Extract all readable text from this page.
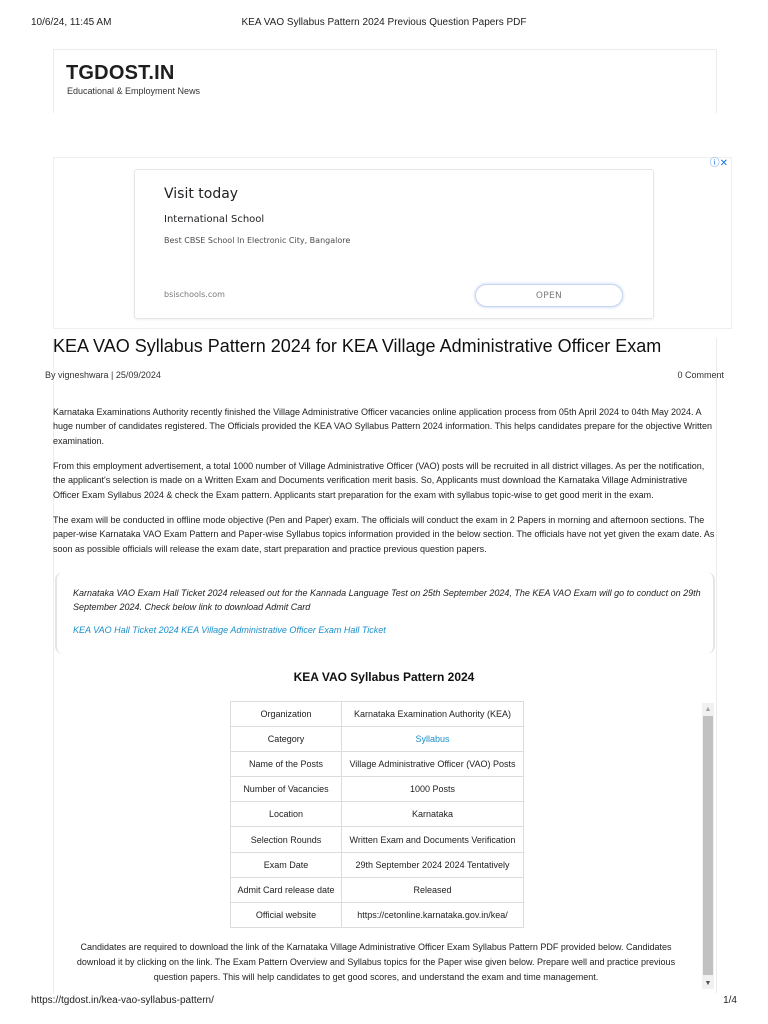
10/6/24, 11:45 AM	KEA VAO Syllabus Pattern 2024 Previous Question Papers PDF
TGDOST.IN
Educational & Employment News
ⓘ✕
Visit today
International School
Best CBSE School In Electronic City, Bangalore
bsischools.com	OPEN
KEA VAO Syllabus Pattern 2024 for KEA Village Administrative Officer Exam
By vigneshwara | 25/09/2024	0 Comment

Karnataka Examinations Authority recently finished the Village Administrative Officer vacancies online application process from 05th April 2024 to 04th May 2024. A huge number of candidates registered. The Officials provided the KEA VAO Syllabus Pattern 2024 information. This helps candidates prepare for the objective Written examination.

From this employment advertisement, a total 1000 number of Village Administrative Officer (VAO) posts will be recruited in all district villages. As per the notification, the applicant's selection is made on a Written Exam and Documents verification merit basis. So, Applicants must download the Karnataka Village Administrative Officer Exam Syllabus 2024 & check the Exam pattern. Applicants start preparation for the exam with syllabus topic-wise to get good merit in the exam.

The exam will be conducted in offline mode objective (Pen and Paper) exam. The officials will conduct the exam in 2 Papers in morning and afternoon sections. The paper-wise Karnataka VAO Exam Pattern and Paper-wise Syllabus topics information provided in the below section. The officials have not yet given the exam date. As soon as possible officials will release the exam date, start preparation and practice previous question papers.

Karnataka VAO Exam Hall Ticket 2024 released out for the Kannada Language Test on 25th September 2024, The KEA VAO Exam will go to conduct on 29th September 2024. Check below link to download Admit Card
KEA VAO Hall Ticket 2024 KEA Village Administrative Officer Exam Hall Ticket
KEA VAO Syllabus Pattern 2024
Organization	Karnataka Examination Authority (KEA)
Category	Syllabus
Name of the Posts	Village Administrative Officer (VAO) Posts
Number of Vacancies	1000 Posts
Location	Karnataka
Selection Rounds	Written Exam and Documents Verification
Exam Date	29th September 2024 2024 Tentatively
Admit Card release date	Released
Official website	https://cetonline.karnataka.gov.in/kea/
▲
▼

Candidates are required to download the link of the Karnataka Village Administrative Officer Exam Syllabus Pattern PDF provided below. Candidates download it by clicking on the link. The Exam Pattern Overview and Syllabus topics for the Paper wise given below. Prepare well and practice previous question papers. This will help candidates to get good scores, and understand the exam and time management.

https://tgdost.in/kea-vao-syllabus-pattern/	1/4
